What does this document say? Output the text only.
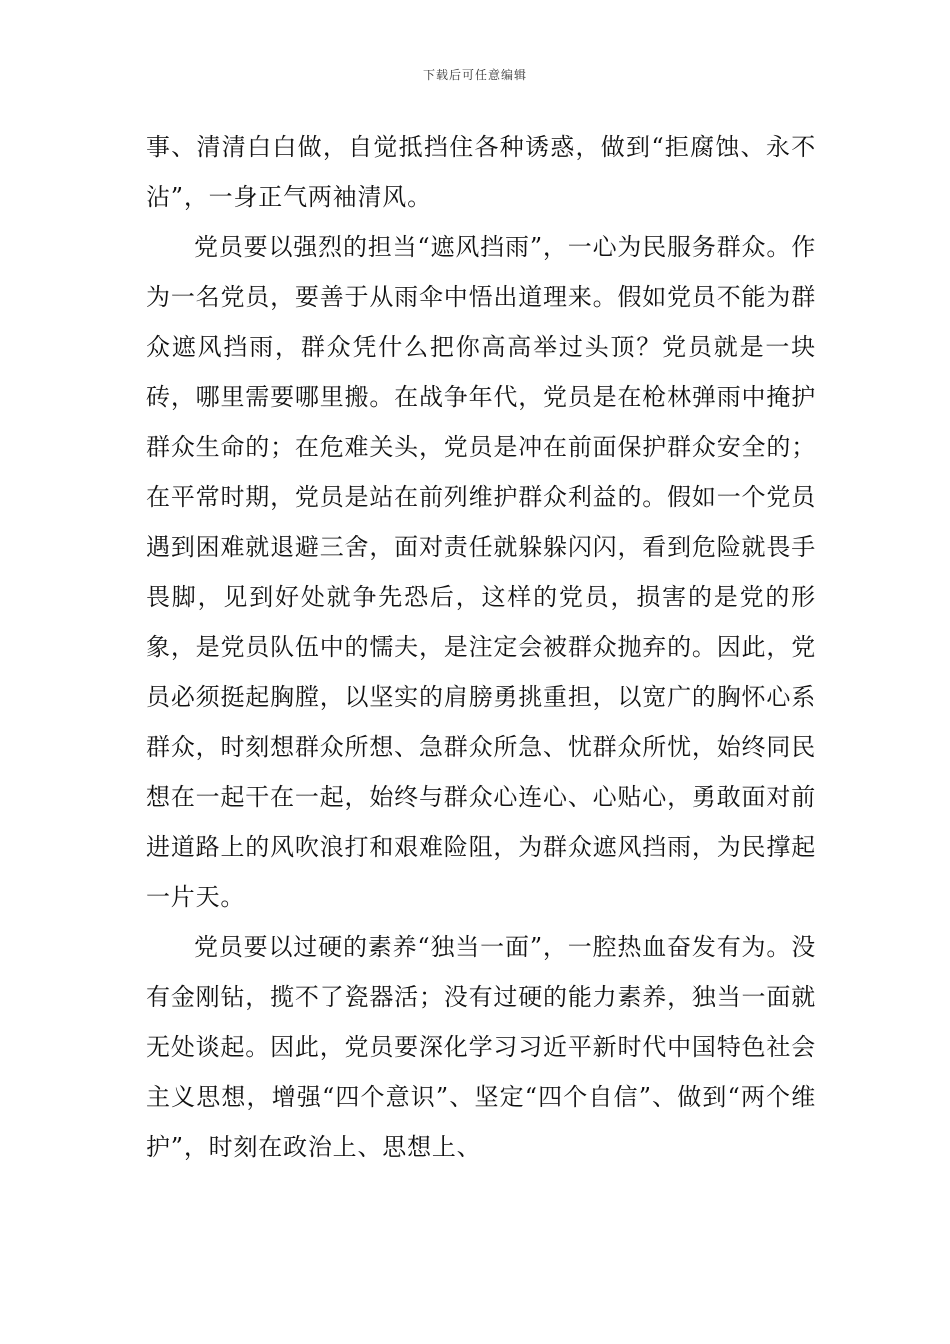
下载后可任意编辑

事、清清白白做，自觉抵挡住各种诱惑，做到“拒腐蚀、永不沾”，一身正气两袖清风。

党员要以强烈的担当“遮风挡雨”，一心为民服务群众。作为一名党员，要善于从雨伞中悟出道理来。假如党员不能为群众遮风挡雨，群众凭什么把你高高举过头顶？党员就是一块砖，哪里需要哪里搬。在战争年代，党员是在枪林弹雨中掩护群众生命的；在危难关头，党员是冲在前面保护群众安全的；在平常时期，党员是站在前列维护群众利益的。假如一个党员遇到困难就退避三舍，面对责任就躲躲闪闪，看到危险就畏手畏脚，见到好处就争先恐后，这样的党员，损害的是党的形象，是党员队伍中的懦夫，是注定会被群众抛弃的。因此，党员必须挺起胸膛，以坚实的肩膀勇挑重担，以宽广的胸怀心系群众，时刻想群众所想、急群众所急、忧群众所忧，始终同民想在一起干在一起，始终与群众心连心、心贴心，勇敢面对前进道路上的风吹浪打和艰难险阻，为群众遮风挡雨，为民撑起一片天。

党员要以过硬的素养“独当一面”，一腔热血奋发有为。没有金刚钻，揽不了瓷器活；没有过硬的能力素养，独当一面就无处谈起。因此，党员要深化学习习近平新时代中国特色社会主义思想，增强“四个意识”、坚定“四个自信”、做到“两个维护”，时刻在政治上、思想上、
